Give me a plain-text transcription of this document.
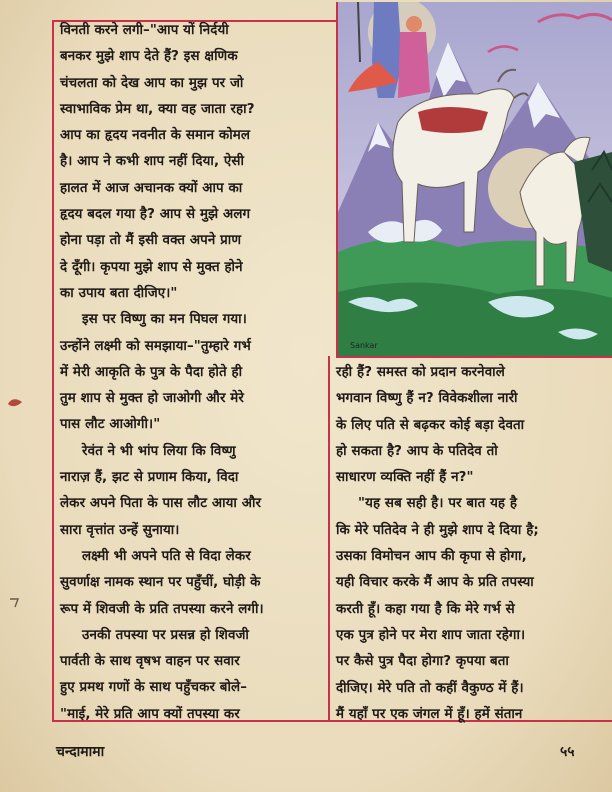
विनती करने लगी–"आप यों निर्दयी

बनकर मुझे शाप देते हैं? इस क्षणिक

चंचलता को देख आप का मुझ पर जो

स्वाभाविक प्रेम था, क्या वह जाता रहा?

आप का हृदय नवनीत के समान कोमल

है। आप ने कभी शाप नहीं दिया, ऐसी

हालत में आज अचानक क्यों आप का

हृदय बदल गया है? आप से मुझे अलग

होना पड़ा तो मैं इसी वक्त अपने प्राण

दे दूँगी। कृपया मुझे शाप से मुक्त होने

का उपाय बता दीजिए।"

इस पर विष्णु का मन पिघल गया।

उन्होंने लक्ष्मी को समझाया–"तुम्हारे गर्भ

में मेरी आकृति के पुत्र के पैदा होते ही

तुम शाप से मुक्त हो जाओगी और मेरे

पास लौट आओगी।"

रेवंत ने भी भांप लिया कि विष्णु

नाराज़ हैं, झट से प्रणाम किया, विदा

लेकर अपने पिता के पास लौट आया और

सारा वृत्तांत उन्हें सुनाया।

लक्ष्मी भी अपने पति से विदा लेकर

सुवर्णाक्ष नामक स्थान पर पहुँचीं, घोड़ी के

रूप में शिवजी के प्रति तपस्या करने लगी।

उनकी तपस्या पर प्रसन्न हो शिवजी

पार्वती के साथ वृषभ वाहन पर सवार

हुए प्रमथ गणों के साथ पहुँचकर बोले–

"माई, मेरे प्रति आप क्यों तपस्या कर

रही हैं? समस्त को प्रदान करनेवाले

भगवान विष्णु हैं न? विवेकशीला नारी

के लिए पति से बढ़कर कोई बड़ा देवता

हो सकता है? आप के पतिदेव तो

साधारण व्यक्ति नहीं हैं न?"

"यह सब सही है। पर बात यह है

कि मेरे पतिदेव ने ही मुझे शाप दे दिया है;

उसका विमोचन आप की कृपा से होगा,

यही विचार करके मैं आप के प्रति तपस्या

करती हूँ। कहा गया है कि मेरे गर्भ से

एक पुत्र होने पर मेरा शाप जाता रहेगा।

पर कैसे पुत्र पैदा होगा? कृपया बता

दीजिए। मेरे पति तो कहीं वैकुण्ठ में हैं।

मैं यहाँ पर एक जंगल में हूँ। हमें संतान

Sankar
चन्दामामा	५५
